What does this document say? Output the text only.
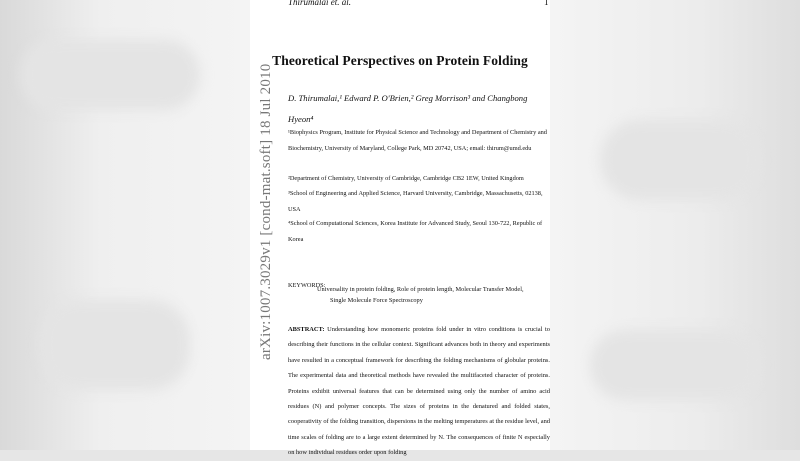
Thirumalai et. al.	1
Theoretical Perspectives on Protein Folding
D. Thirumalai,¹ Edward P. O'Brien,² Greg Morrison³ and Changbong
Hyeon⁴
¹Biophysics Program, Institute for Physical Science and Technology and Department of Chemistry and Biochemistry, University of Maryland, College Park, MD 20742, USA; email: thirum@umd.edu
²Department of Chemistry, University of Cambridge, Cambridge CB2 1EW, United Kingdom
³School of Engineering and Applied Science, Harvard University, Cambridge, Massachusetts, 02138, USA
⁴School of Computational Sciences, Korea Institute for Advanced Study, Seoul 130-722, Republic of Korea
KEYWORDS:
Universality in protein folding, Role of protein length, Molecular Transfer Model,
Single Molecule Force Spectroscopy
ABSTRACT: Understanding how monomeric proteins fold under in vitro conditions is crucial to describing their functions in the cellular context. Significant advances both in theory and experiments have resulted in a conceptual framework for describing the folding mechanisms of globular proteins. The experimental data and theoretical methods have revealed the multifaceted character of proteins. Proteins exhibit universal features that can be determined using only the number of amino acid residues (N) and polymer concepts. The sizes of proteins in the denatured and folded states, cooperativity of the folding transition, dispersions in the melting temperatures at the residue level, and time scales of folding are to a large extent determined by N. The consequences of finite N especially on how individual residues order upon folding
arXiv:1007.3029v1 [cond-mat.soft] 18 Jul 2010
